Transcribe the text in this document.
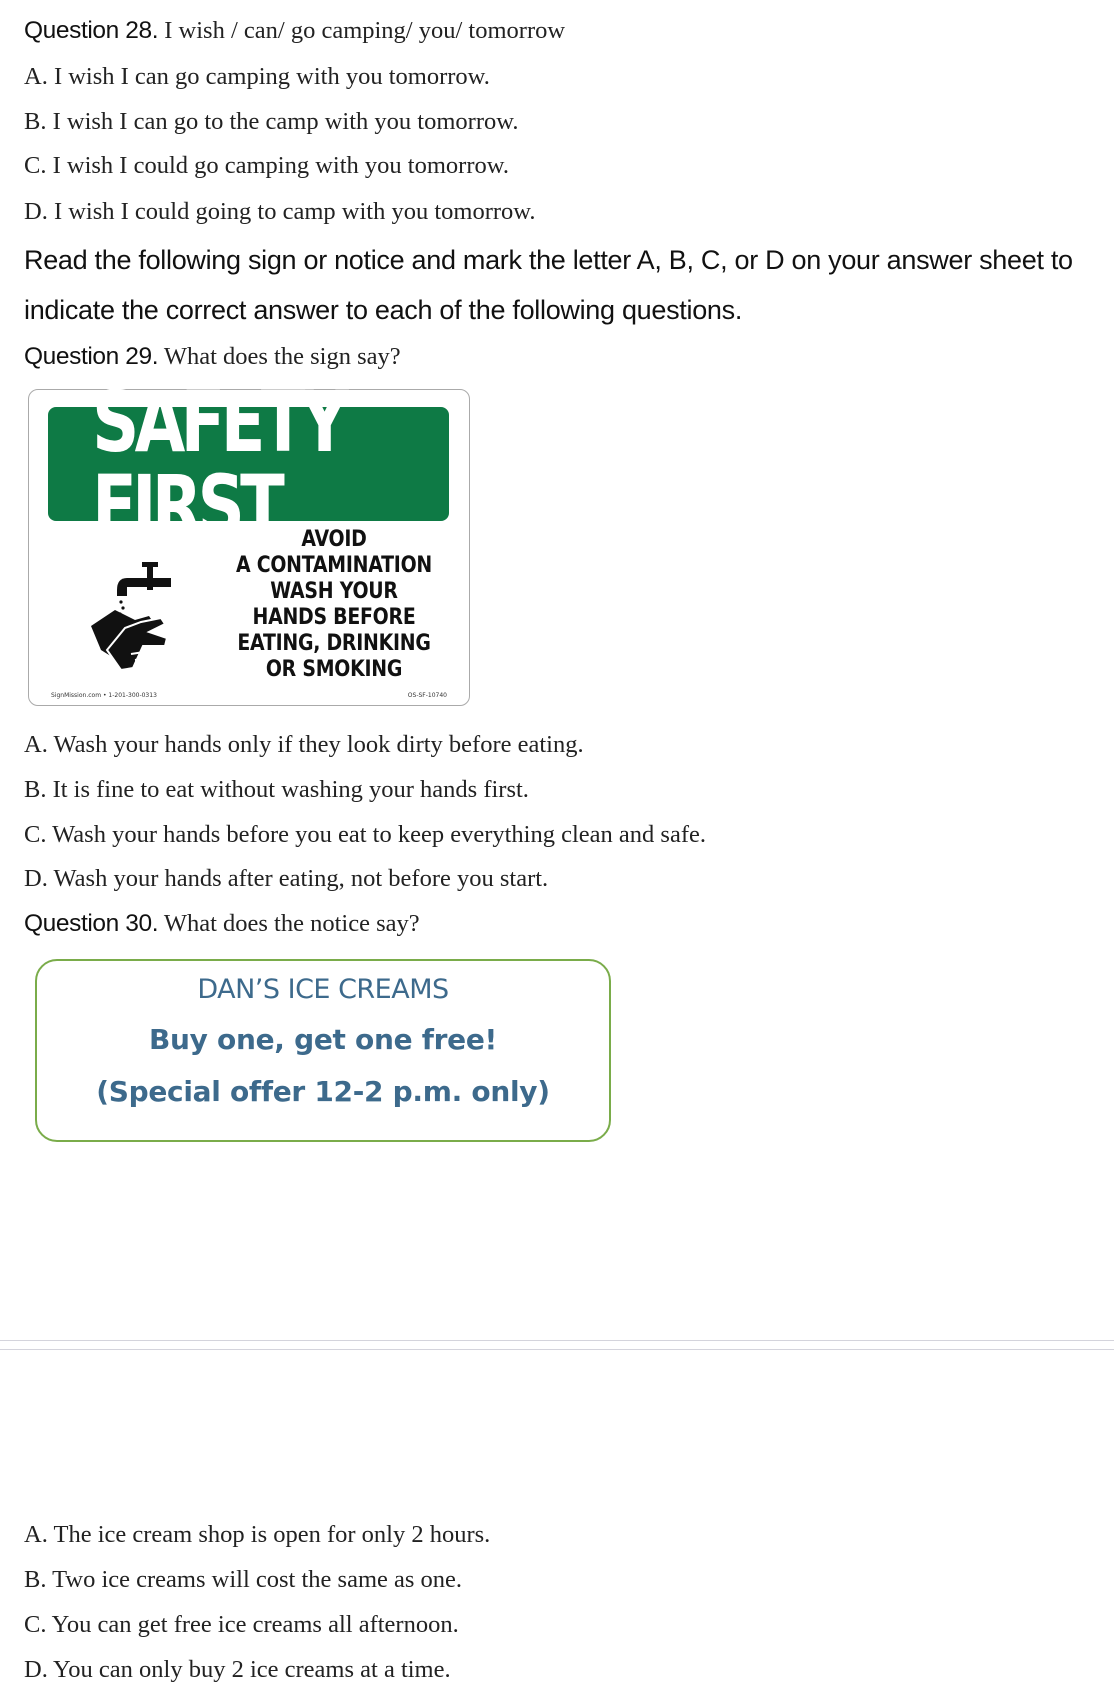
Question 28. I wish / can/ go camping/ you/ tomorrow
A. I wish I can go camping with you tomorrow.
B. I wish I can go to the camp with you tomorrow.
C. I wish I could go camping with you tomorrow.
D. I wish I could going to camp with you tomorrow.
Read the following sign or notice and mark the letter A, B, C, or D on your answer sheet to
indicate the correct answer to each of the following questions.
Question 29. What does the sign say?
SAFETY FIRST AVOID
A CONTAMINATION
WASH YOUR
HANDS BEFORE
EATING, DRINKING
OR SMOKING
SignMission.com • 1-201-300-0313	OS-SF-10740
A. Wash your hands only if they look dirty before eating.
B. It is fine to eat without washing your hands first.
C. Wash your hands before you eat to keep everything clean and safe.
D. Wash your hands after eating, not before you start.
Question 30. What does the notice say?
DAN’S ICE CREAMS
Buy one, get one free!
(Special offer 12-2 p.m. only)
A. The ice cream shop is open for only 2 hours.
B. Two ice creams will cost the same as one.
C. You can get free ice creams all afternoon.
D. You can only buy 2 ice creams at a time.
